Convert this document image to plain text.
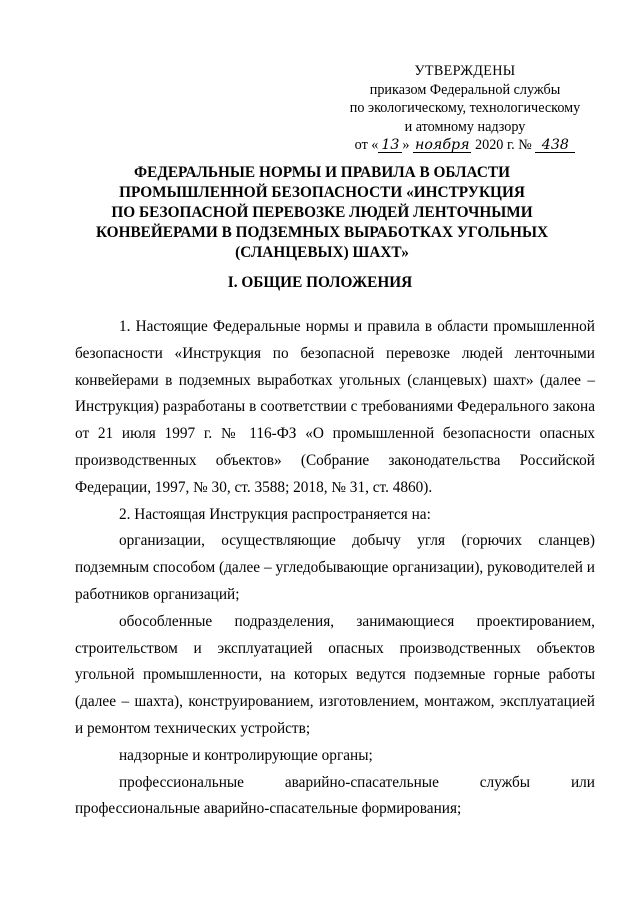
УТВЕРЖДЕНЫ
приказом Федеральной службы
по экологическому, технологическому
и атомному надзору
от « 13 » ноября 2020 г. № 438
ФЕДЕРАЛЬНЫЕ НОРМЫ И ПРАВИЛА В ОБЛАСТИ
ПРОМЫШЛЕННОЙ БЕЗОПАСНОСТИ «ИНСТРУКЦИЯ
ПО БЕЗОПАСНОЙ ПЕРЕВОЗКЕ ЛЮДЕЙ ЛЕНТОЧНЫМИ
КОНВЕЙЕРАМИ В ПОДЗЕМНЫХ ВЫРАБОТКАХ УГОЛЬНЫХ
(СЛАНЦЕВЫХ) ШАХТ»
I. ОБЩИЕ ПОЛОЖЕНИЯ

1. Настоящие Федеральные нормы и правила в области промышленной безопасности «Инструкция по безопасной перевозке людей ленточными конвейерами в подземных выработках угольных (сланцевых) шахт» (далее – Инструкция) разработаны в соответствии с требованиями Федерального закона от 21 июля 1997 г. № 116-ФЗ «О промышленной безопасности опасных производственных объектов» (Собрание законодательства Российской Федерации, 1997, № 30, ст. 3588; 2018, № 31, ст. 4860).

2. Настоящая Инструкция распространяется на:

организации, осуществляющие добычу угля (горючих сланцев) подземным способом (далее – угледобывающие организации), руководителей и работников организаций;

обособленные подразделения, занимающиеся проектированием, строительством и эксплуатацией опасных производственных объектов угольной промышленности, на которых ведутся подземные горные работы (далее – шахта), конструированием, изготовлением, монтажом, эксплуатацией и ремонтом технических устройств;

надзорные и контролирующие органы;

профессиональные	аварийно-спасательные	службы	или
профессиональные аварийно-спасательные формирования;
